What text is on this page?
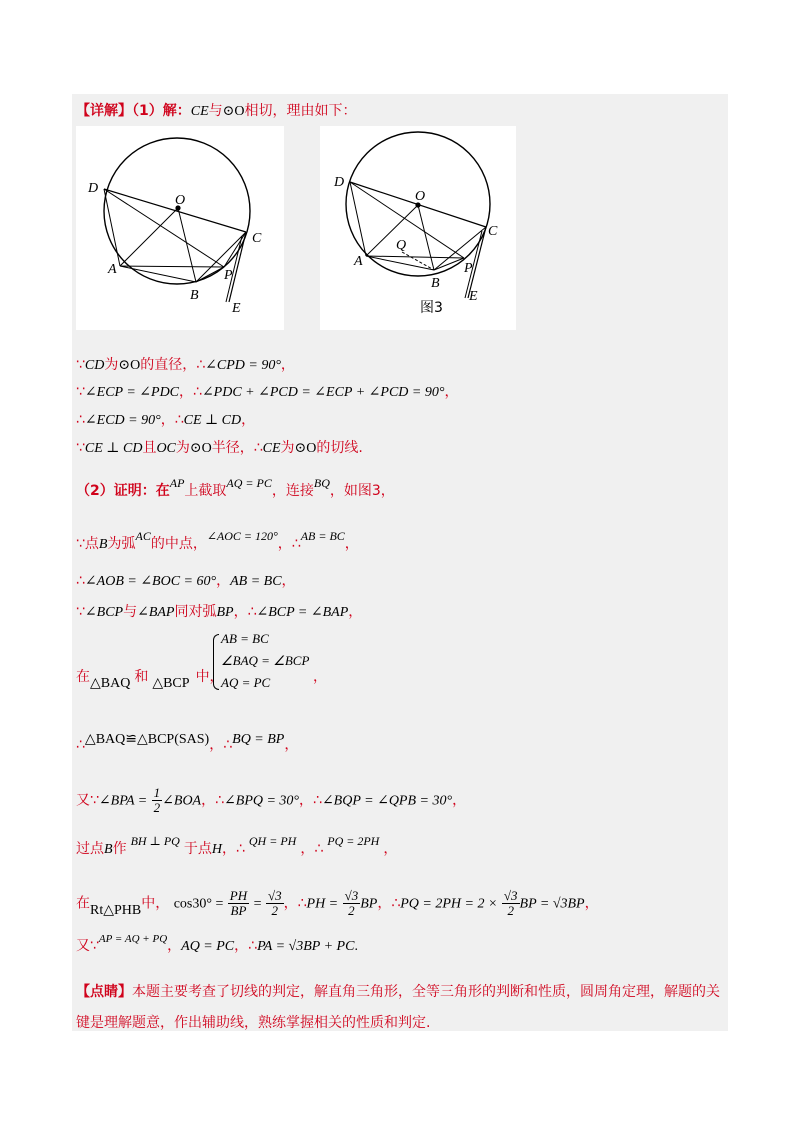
【详解】（1）解：CE与⊙O相切，理由如下：
D
O
C
A	P
B
E
D
O
C
Q
A	P
B
E
图3
∵CD为⊙O的直径，∴∠CPD = 90°，
∵∠ECP = ∠PDC，∴∠PDC + ∠PCD = ∠ECP + ∠PCD = 90°，
∴∠ECD = 90°，∴CE ⊥ CD，
∵CE ⊥ CD且OC为⊙O半径，∴CE为⊙O的切线.
（2）证明：在AP上截取AQ = PC，连接BQ，如图3，
∵点B为弧AC的中点，∠AOC = 120°，∴AB = BC，
∴∠AOB = ∠BOC = 60°，AB = BC，
∵∠BCP与∠BAP同对弧BP，∴∠BCP = ∠BAP，
在△BAQ 和 △BCP 中，
AB = BC
∠BAQ = ∠BCP
AQ = PC	，
∴△BAQ≌△BCP(SAS)，∴BQ = BP，
又∵∠BPA = $\frac{1}{2}$ ∠BOA，∴∠BPQ = 30°，∴∠BQP = ∠QPB = 30°，
过点B作 BH ⊥ PQ 于点H，∴ QH = PH ，∴ PQ = 2PH ，
在Rt△PHB中， $\cos 30^\circ = \frac{PH}{BP} = \frac{√3}{2}$ ，∴PH = $\frac{√3}{2}$ BP，∴PQ = $2PH = 2 \times \frac{√3}{2}$ BP = √3BP，
又∵$^{AP = AQ + PQ}$，AQ = PC，∴PA = √3BP + PC.
【点睛】本题主要考查了切线的判定，解直角三角形，全等三角形的判断和性质，圆周角定理，解题的关
键是理解题意，作出辅助线，熟练掌握相关的性质和判定.
